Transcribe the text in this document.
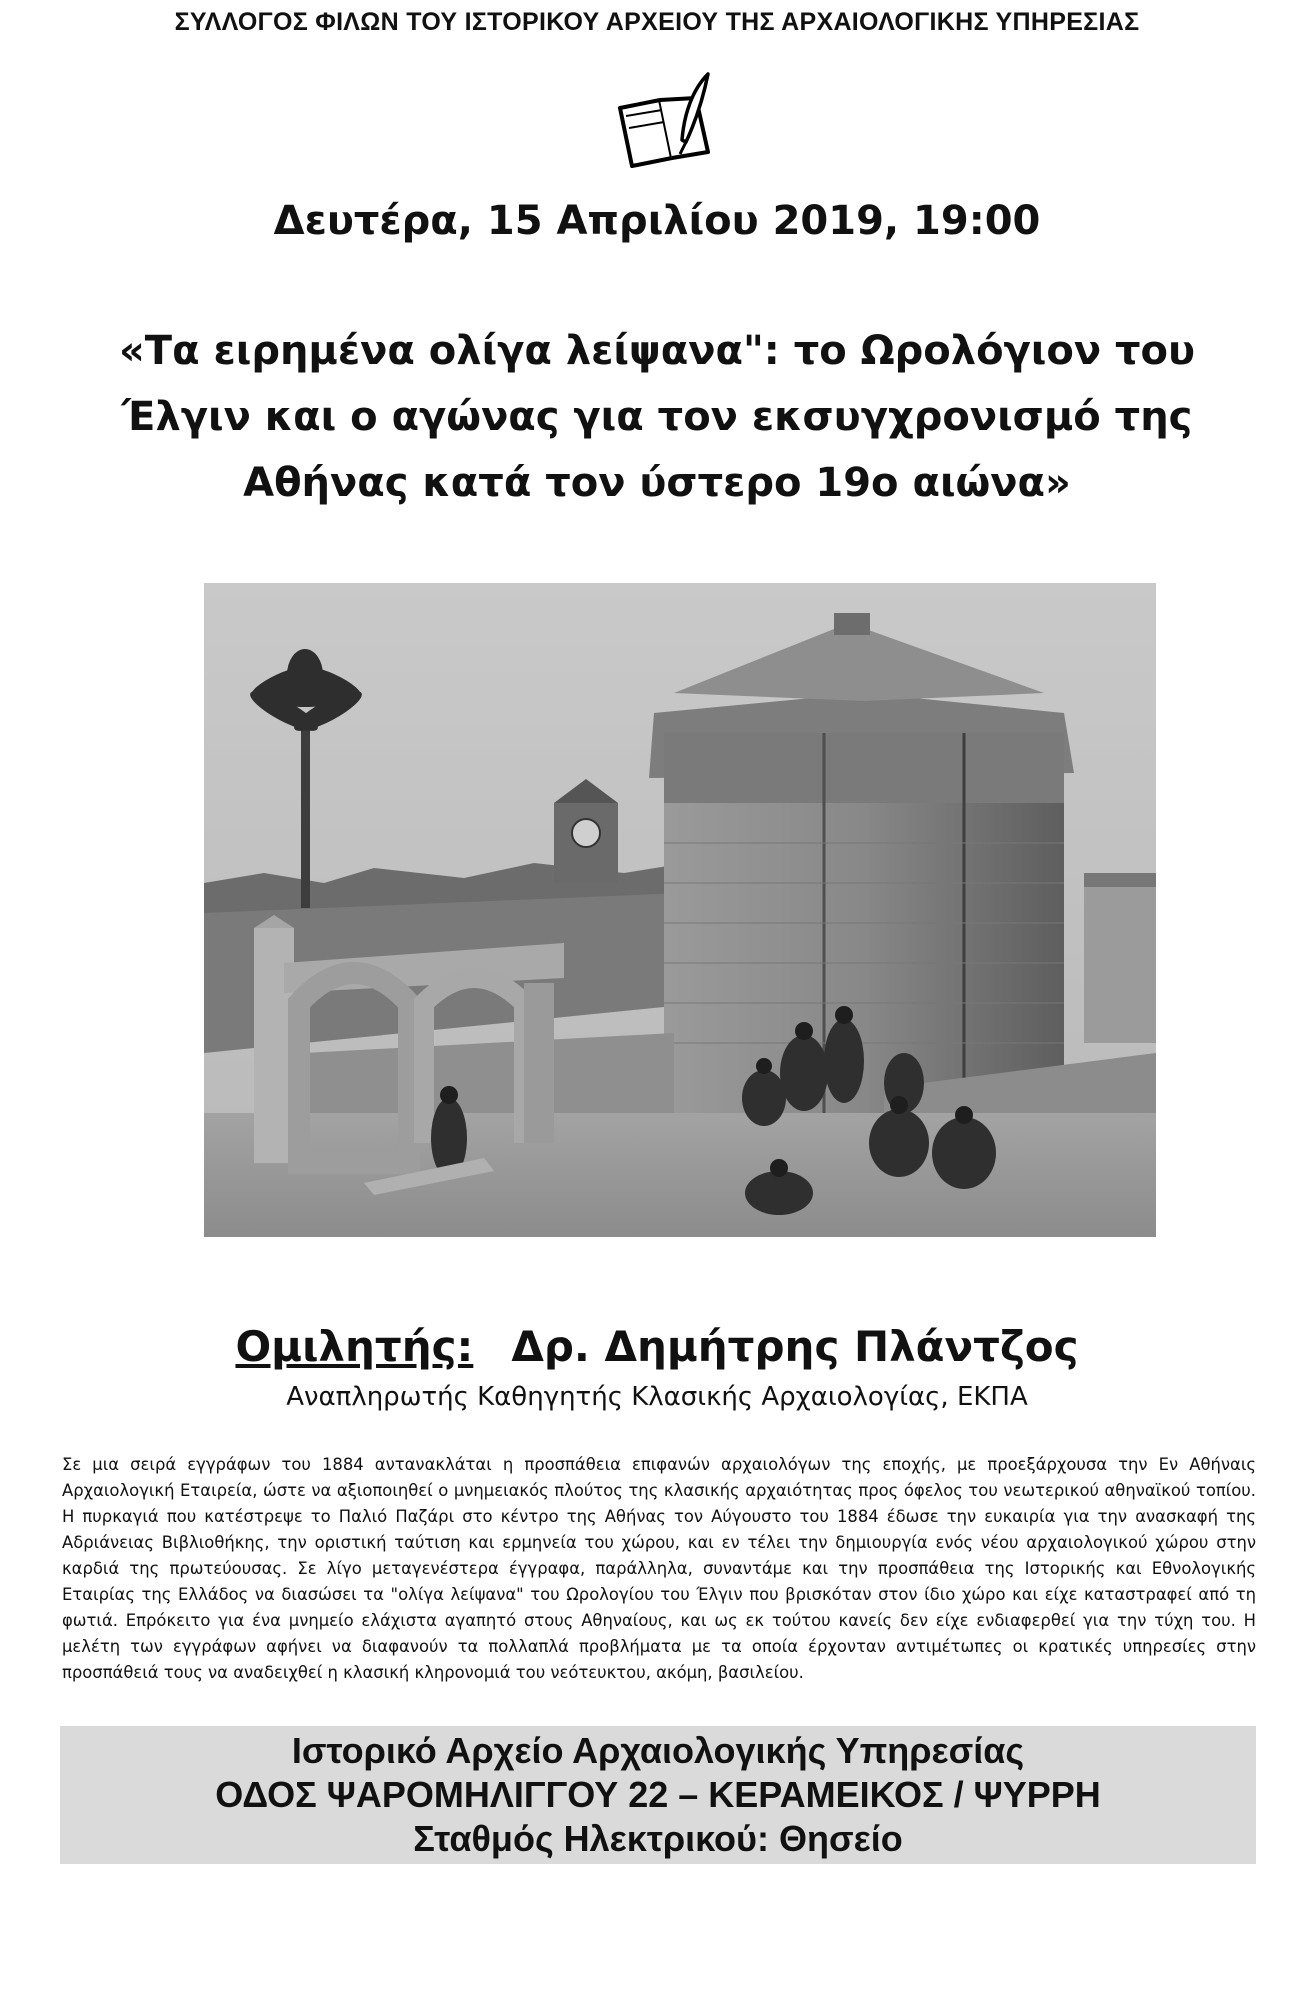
ΣΥΛΛΟΓΟΣ ΦΙΛΩΝ ΤΟΥ ΙΣΤΟΡΙΚΟΥ ΑΡΧΕΙΟΥ ΤΗΣ ΑΡΧΑΙΟΛΟΓΙΚΗΣ ΥΠΗΡΕΣΙΑΣ
Δευτέρα, 15 Απριλίου 2019, 19:00
«Τα ειρημένα ολίγα λείψανα": το Ωρολόγιον του
Έλγιν και ο αγώνας για τον εκσυγχρονισμό της
Αθήνας κατά τον ύστερο 19ο αιώνα»
Ομιλητής: Δρ. Δημήτρης Πλάντζος
Αναπληρωτής Καθηγητής Κλασικής Αρχαιολογίας, ΕΚΠΑ
Σε μια σειρά εγγράφων του 1884 αντανακλάται η προσπάθεια επιφανών αρχαιολόγων της εποχής, με προεξάρχουσα την Εν Αθήναις Αρχαιολογική Εταιρεία, ώστε να αξιοποιηθεί ο μνημειακός πλούτος της κλασικής αρχαιότητας προς όφελος του νεωτερικού αθηναϊκού τοπίου. Η πυρκαγιά που κατέστρεψε το Παλιό Παζάρι στο κέντρο της Αθήνας τον Αύγουστο του 1884 έδωσε την ευκαιρία για την ανασκαφή της Αδριάνειας Βιβλιοθήκης, την οριστική ταύτιση και ερμηνεία του χώρου, και εν τέλει την δημιουργία ενός νέου αρχαιολογικού χώρου στην καρδιά της πρωτεύουσας. Σε λίγο μεταγενέστερα έγγραφα, παράλληλα, συναντάμε και την προσπάθεια της Ιστορικής και Εθνολογικής Εταιρίας της Ελλάδος να διασώσει τα "ολίγα λείψανα" του Ωρολογίου του Έλγιν που βρισκόταν στον ίδιο χώρο και είχε καταστραφεί από τη φωτιά. Επρόκειτο για ένα μνημείο ελάχιστα αγαπητό στους Αθηναίους, και ως εκ τούτου κανείς δεν είχε ενδιαφερθεί για την τύχη του. Η μελέτη των εγγράφων αφήνει να διαφανούν τα πολλαπλά προβλήματα με τα οποία έρχονταν αντιμέτωπες οι κρατικές υπηρεσίες στην προσπάθειά τους να αναδειχθεί η κλασική κληρονομιά του νεότευκτου, ακόμη, βασιλείου.
Ιστορικό Αρχείο Αρχαιολογικής Υπηρεσίας
ΟΔΟΣ ΨΑΡΟΜΗΛΙΓΓΟΥ 22 – ΚΕΡΑΜΕΙΚΟΣ / ΨΥΡΡΗ
Σταθμός Ηλεκτρικού: Θησείο
